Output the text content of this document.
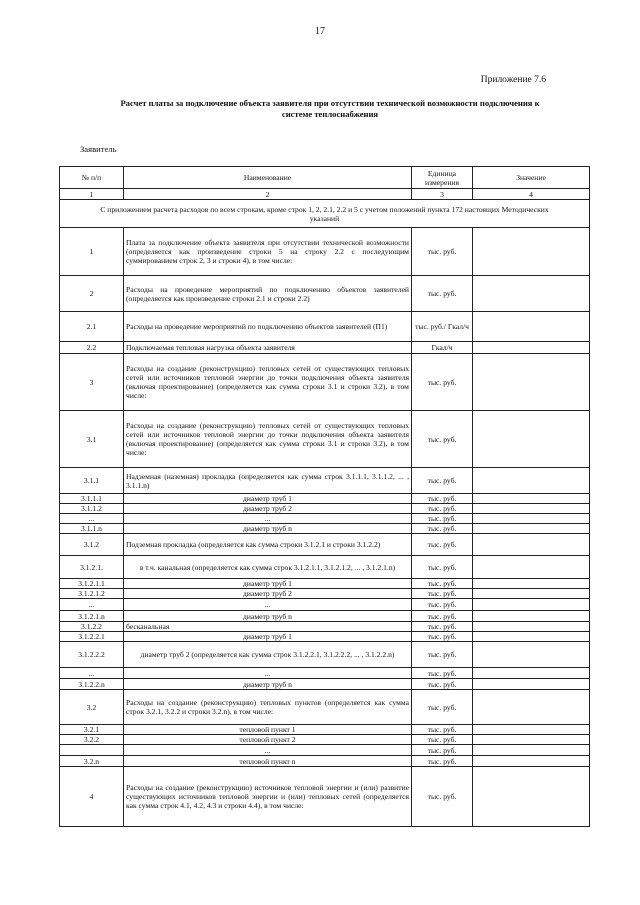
17
Приложение 7.6
Расчет платы за подключение объекта заявителя при отсутствии технической возможности подключения к
системе теплоснабжения
Заявитель
№ п/п	Наименование	Единица измерения	Значение
1	2	3	4
С приложением расчета расходов по всем строкам, кроме строк 1, 2, 2.1, 2.2 и 5 с учетом положений пункта 172 настоящих Методических указаний			
1	Плата за подключение объекта заявителя при отсутствии технической возможности (определяется как произведение строки 5 на строку 2.2 с последующим суммированием строк 2, 3 и строки 4), в том числе:	тыс. руб.	
2	Расходы на проведение мероприятий по подключению объектов заявителей (определяется как произведение строки 2.1 и строки 2.2)	тыс. руб.	
2.1	Расходы на проведение мероприятий по подключению объектов заявителей (П1)	тыс. руб./ Гкал/ч	
2.2	Подключаемая тепловая нагрузка объекта заявителя	Гкал/ч	
3	Расходы на создание (реконструкцию) тепловых сетей от существующих тепловых сетей или источников тепловой энергии до точки подключения объекта заявителя (включая проектирование) (определяется как сумма строки 3.1 и строки 3.2), в том числе:	тыс. руб.	
3.1	Расходы на создание (реконструкцию) тепловых сетей от существующих тепловых сетей или источников тепловой энергии до точки подключения объекта заявителя (включая проектирование) (определяется как сумма строки 3.1 и строки 3.2), в том числе:	тыс. руб.	
3.1.1	Надземная (наземная) прокладка (определяется как сумма строк 3.1.1.1, 3.1.1.2, ... , 3.1.1.n)	тыс. руб.	
3.1.1.1	диаметр труб 1	тыс. руб.	
3.1.1.2	диаметр труб 2	тыс. руб.	
...	...	тыс. руб.	
3.1.1.n	диаметр труб n	тыс. руб.	
3.1.2	Подземная прокладка (определяется как сумма строки 3.1.2.1 и строки 3.1.2.2)	тыс. руб.	
3.1.2.1.	в т.ч. канальная (определяется как сумма строк 3.1.2.1.1, 3.1.2.1.2, ... , 3.1.2.1.n)	тыс. руб.	
3.1.2.1.1	диаметр труб 1	тыс. руб.	
3.1.2.1.2	диаметр труб 2	тыс. руб.	
...	...	тыс. руб.	
3.1.2.1.n	диаметр труб n	тыс. руб.	
3.1.2.2	бесканальная	тыс. руб.	
3.1.2.2.1	диаметр труб 1	тыс. руб.	
3.1.2.2.2	диаметр труб 2 (определяется как сумма строк 3.1.2.2.1, 3.1.2.2.2, ... , 3.1.2.2.n)	тыс. руб.	
...	...	тыс. руб.	
3.1.2.2.n	диаметр труб n	тыс. руб.	
3.2	Расходы на создание (реконструкцию) тепловых пунктов (определяется как сумма строк 3.2.1, 3.2.2 и строки 3.2.n), в том числе:	тыс. руб.	
3.2.1	тепловой пункт 1	тыс. руб.	
3.2.2	тепловой пункт 2	тыс. руб.	
	...	тыс. руб.	
3.2.n	тепловой пункт n	тыс. руб.	
4	Расходы на создание (реконструкцию) источников тепловой энергии и (или) развитие существующих источников тепловой энергии и (или) тепловых сетей (определяется как сумма строк 4.1, 4.2, 4.3 и строки 4.4), в том числе:	тыс. руб.	
